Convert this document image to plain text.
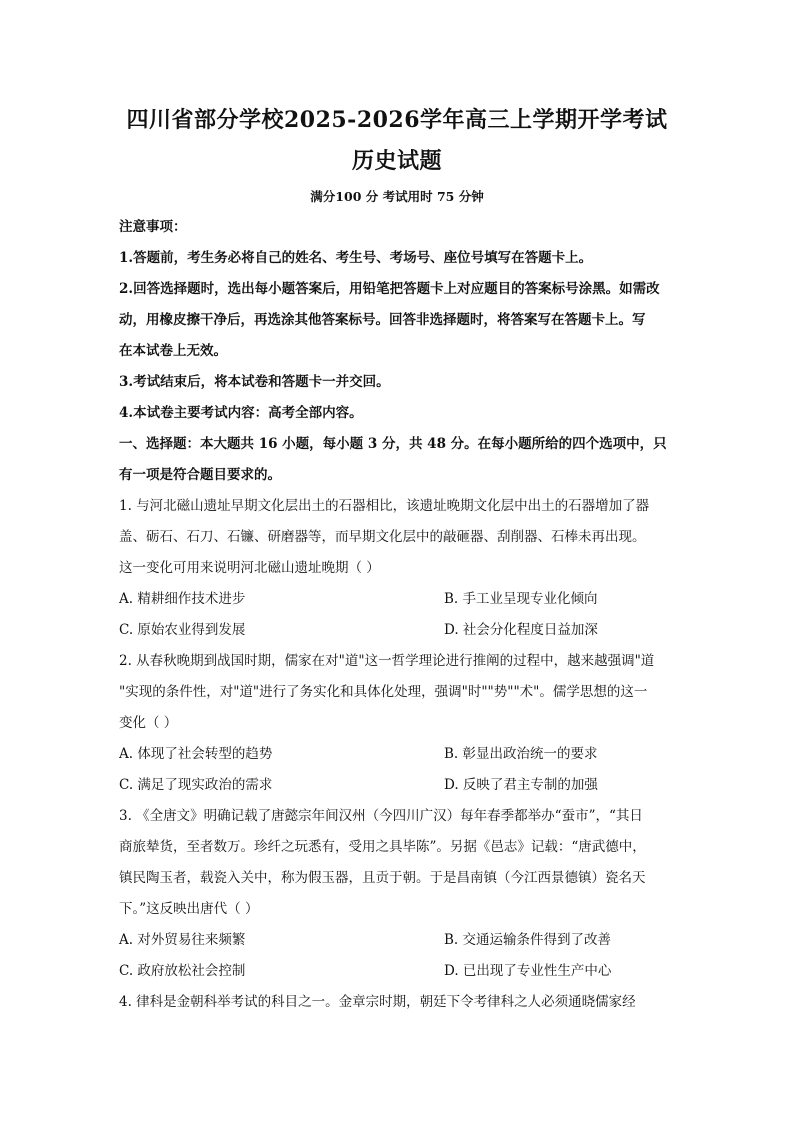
四川省部分学校2025-2026学年高三上学期开学考试
历史试题
满分100 分 考试用时 75 分钟
注意事项：
1.答题前，考生务必将自己的姓名、考生号、考场号、座位号填写在答题卡上。
2.回答选择题时，选出每小题答案后，用铅笔把答题卡上对应题目的答案标号涂黑。如需改
动，用橡皮擦干净后，再选涂其他答案标号。回答非选择题时，将答案写在答题卡上。写
在本试卷上无效。
3.考试结束后，将本试卷和答题卡一并交回。
4.本试卷主要考试内容：高考全部内容。
一、选择题：本大题共 16 小题，每小题 3 分，共 48 分。在每小题所给的四个选项中，只
有一项是符合题目要求的。
1. 与河北磁山遗址早期文化层出土的石器相比，该遗址晚期文化层中出土的石器增加了器
盖、砺石、石刀、石镰、研磨器等，而早期文化层中的敲砸器、刮削器、石棒未再出现。
这一变化可用来说明河北磁山遗址晚期（ ）
A. 精耕细作技术进步	B. 手工业呈现专业化倾向
C. 原始农业得到发展	D. 社会分化程度日益加深
2. 从春秋晚期到战国时期，儒家在对"道"这一哲学理论进行推阐的过程中，越来越强调"道
"实现的条件性，对"道"进行了务实化和具体化处理，强调"时""势""术"。儒学思想的这一
变化（ ）
A. 体现了社会转型的趋势	B. 彰显出政治统一的要求
C. 满足了现实政治的需求	D. 反映了君主专制的加强
3. 《全唐文》明确记载了唐懿宗年间汉州（今四川广汉）每年春季都举办“蚕市”，“其日
商旅辇货，至者数万。珍纤之玩悉有，受用之具毕陈”。另据《邑志》记载：“唐武德中，
镇民陶玉者，载瓷入关中，称为假玉器，且贡于朝。于是昌南镇（今江西景德镇）瓷名天
下。”这反映出唐代（ ）
A. 对外贸易往来频繁	B. 交通运输条件得到了改善
C. 政府放松社会控制	D. 已出现了专业性生产中心
4. 律科是金朝科举考试的科目之一。金章宗时期，朝廷下令考律科之人必须通晓儒家经
